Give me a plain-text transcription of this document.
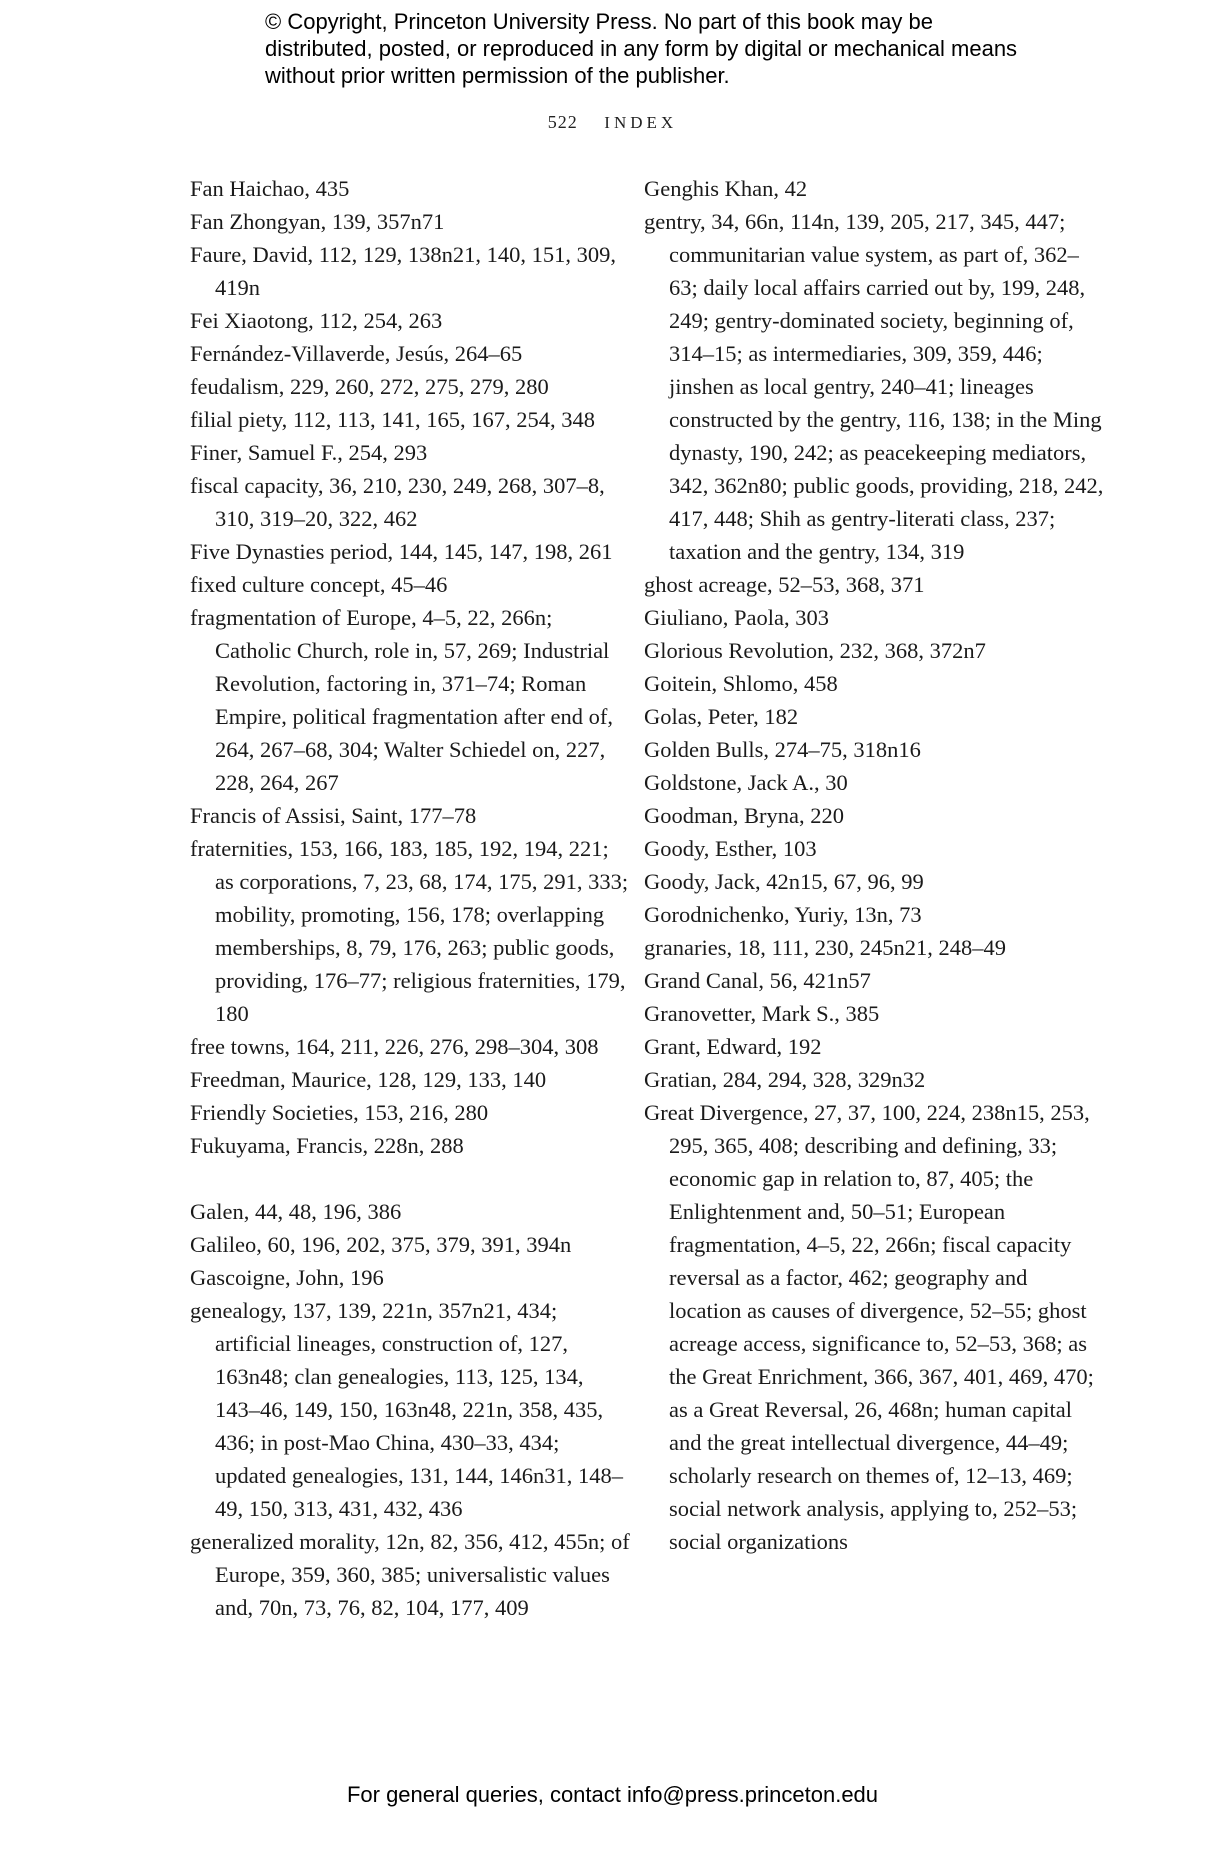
© Copyright, Princeton University Press. No part of this book may be distributed, posted, or reproduced in any form by digital or mechanical means without prior written permission of the publisher.
522 INDEX

Fan Haichao, 435

Fan Zhongyan, 139, 357n71

Faure, David, 112, 129, 138n21, 140, 151, 309, 419n

Fei Xiaotong, 112, 254, 263

Fernández-Villaverde, Jesús, 264–65

feudalism, 229, 260, 272, 275, 279, 280

filial piety, 112, 113, 141, 165, 167, 254, 348

Finer, Samuel F., 254, 293

fiscal capacity, 36, 210, 230, 249, 268, 307–8, 310, 319–20, 322, 462

Five Dynasties period, 144, 145, 147, 198, 261

fixed culture concept, 45–46

fragmentation of Europe, 4–5, 22, 266n; Catholic Church, role in, 57, 269; Industrial Revolution, factoring in, 371–74; Roman Empire, political fragmentation after end of, 264, 267–68, 304; Walter Schiedel on, 227, 228, 264, 267

Francis of Assisi, Saint, 177–78

fraternities, 153, 166, 183, 185, 192, 194, 221; as corporations, 7, 23, 68, 174, 175, 291, 333; mobility, promoting, 156, 178; overlapping memberships, 8, 79, 176, 263; public goods, providing, 176–77; religious fraternities, 179, 180

free towns, 164, 211, 226, 276, 298–304, 308

Freedman, Maurice, 128, 129, 133, 140

Friendly Societies, 153, 216, 280

Fukuyama, Francis, 228n, 288

Galen, 44, 48, 196, 386

Galileo, 60, 196, 202, 375, 379, 391, 394n

Gascoigne, John, 196

genealogy, 137, 139, 221n, 357n21, 434; artificial lineages, construction of, 127, 163n48; clan genealogies, 113, 125, 134, 143–46, 149, 150, 163n48, 221n, 358, 435, 436; in post-Mao China, 430–33, 434; updated genealogies, 131, 144, 146n31, 148–49, 150, 313, 431, 432, 436

generalized morality, 12n, 82, 356, 412, 455n; of Europe, 359, 360, 385; universalistic values and, 70n, 73, 76, 82, 104, 177, 409

Genghis Khan, 42

gentry, 34, 66n, 114n, 139, 205, 217, 345, 447; communitarian value system, as part of, 362–63; daily local affairs carried out by, 199, 248, 249; gentry-dominated society, beginning of, 314–15; as intermediaries, 309, 359, 446; jinshen as local gentry, 240–41; lineages constructed by the gentry, 116, 138; in the Ming dynasty, 190, 242; as peacekeeping mediators, 342, 362n80; public goods, providing, 218, 242, 417, 448; Shih as gentry-literati class, 237; taxation and the gentry, 134, 319

ghost acreage, 52–53, 368, 371

Giuliano, Paola, 303

Glorious Revolution, 232, 368, 372n7

Goitein, Shlomo, 458

Golas, Peter, 182

Golden Bulls, 274–75, 318n16

Goldstone, Jack A., 30

Goodman, Bryna, 220

Goody, Esther, 103

Goody, Jack, 42n15, 67, 96, 99

Gorodnichenko, Yuriy, 13n, 73

granaries, 18, 111, 230, 245n21, 248–49

Grand Canal, 56, 421n57

Granovetter, Mark S., 385

Grant, Edward, 192

Gratian, 284, 294, 328, 329n32

Great Divergence, 27, 37, 100, 224, 238n15, 253, 295, 365, 408; describing and defining, 33; economic gap in relation to, 87, 405; the Enlightenment and, 50–51; European fragmentation, 4–5, 22, 266n; fiscal capacity reversal as a factor, 462; geography and location as causes of divergence, 52–55; ghost acreage access, significance to, 52–53, 368; as the Great Enrichment, 366, 367, 401, 469, 470; as a Great Reversal, 26, 468n; human capital and the great intellectual divergence, 44–49; scholarly research on themes of, 12–13, 469; social network analysis, applying to, 252–53; social organizations

For general queries, contact info@press.princeton.edu
